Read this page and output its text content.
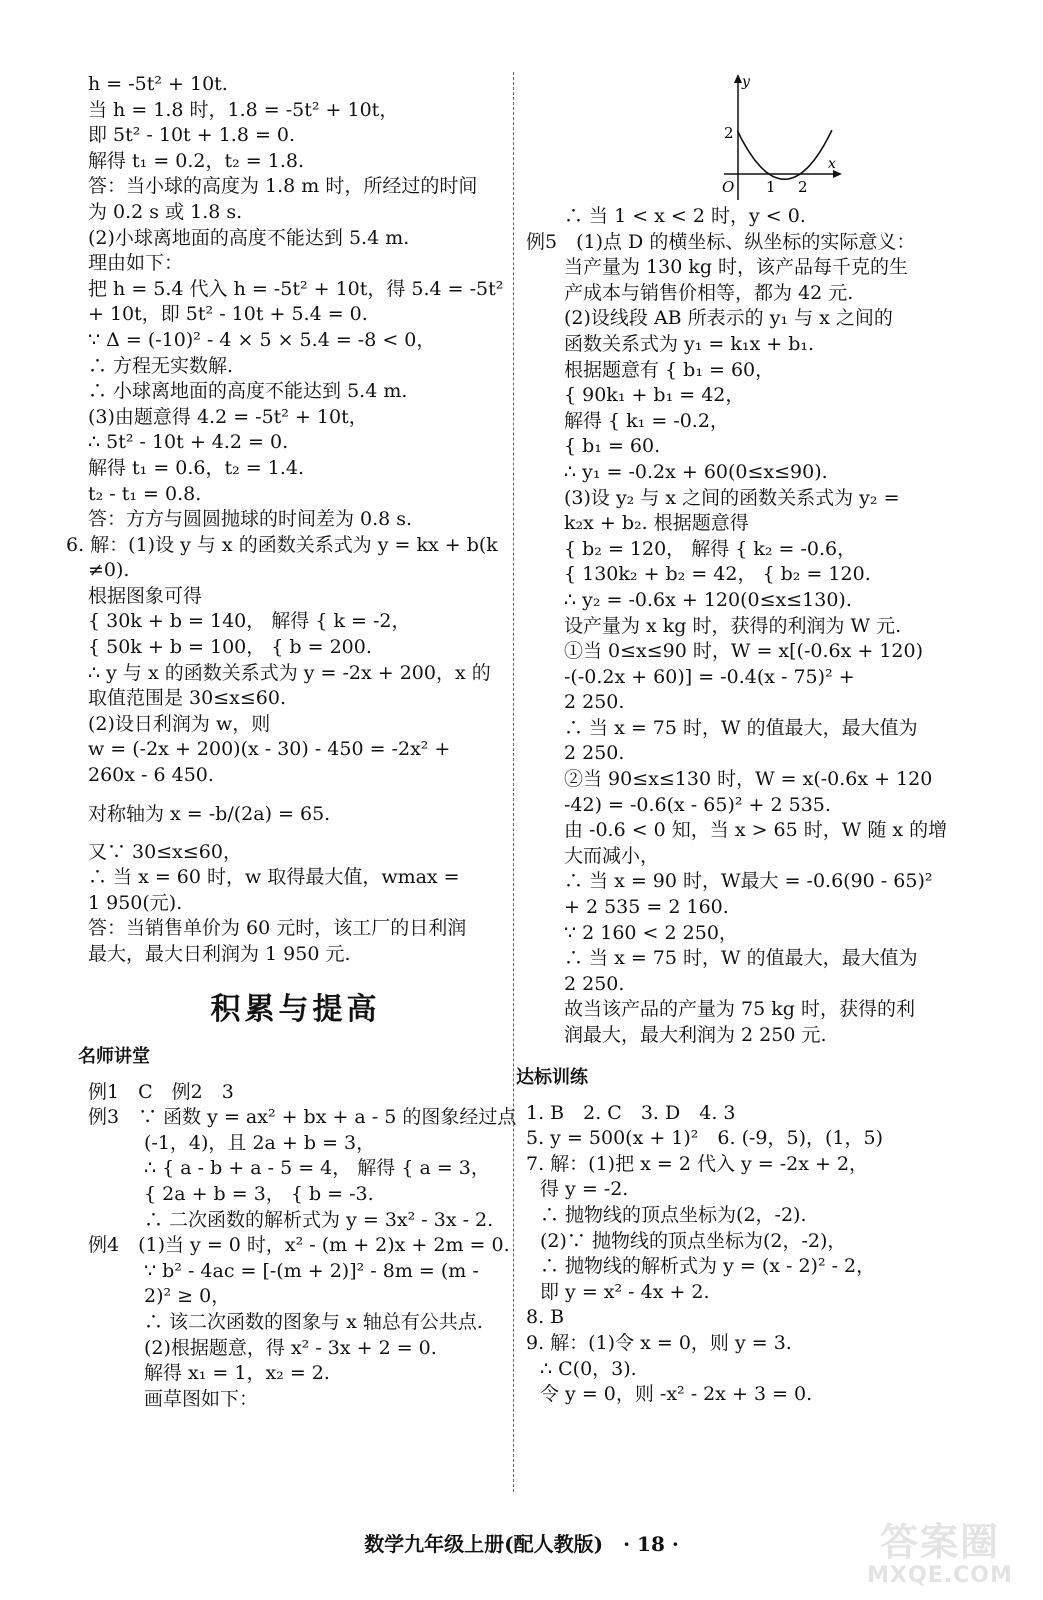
h = -5t² + 10t.
当 h = 1.8 时，1.8 = -5t² + 10t，
即 5t² - 10t + 1.8 = 0.
解得 t₁ = 0.2，t₂ = 1.8.
答：当小球的高度为 1.8 m 时，所经过的时间
为 0.2 s 或 1.8 s.
(2)小球离地面的高度不能达到 5.4 m.
理由如下：
把 h = 5.4 代入 h = -5t² + 10t，得 5.4 = -5t²
+ 10t，即 5t² - 10t + 5.4 = 0.
∵ Δ = (-10)² - 4 × 5 × 5.4 = -8 < 0，
∴ 方程无实数解.
∴ 小球离地面的高度不能达到 5.4 m.
(3)由题意得 4.2 = -5t² + 10t，
∴ 5t² - 10t + 4.2 = 0.
解得 t₁ = 0.6，t₂ = 1.4.
t₂ - t₁ = 0.8.
答：方方与圆圆抛球的时间差为 0.8 s.
6. 解：(1)设 y 与 x 的函数关系式为 y = kx + b(k
≠0).
根据图象可得
{ 30k + b = 140， 解得 { k = -2，
{ 50k + b = 100， { b = 200.
∴ y 与 x 的函数关系式为 y = -2x + 200，x 的
取值范围是 30≤x≤60.
(2)设日利润为 w，则
w = (-2x + 200)(x - 30) - 450 = -2x² +
260x - 6 450.
对称轴为 x = -b/(2a) = 65.
又∵ 30≤x≤60，
∴ 当 x = 60 时，w 取得最大值，wmax =
1 950(元).
答：当销售单价为 60 元时，该工厂的日利润
最大，最大日利润为 1 950 元.
积累与提高
名师讲堂
例1　C　例2　3
例3　∵ 函数 y = ax² + bx + a - 5 的图象经过点
(-1，4)，且 2a + b = 3，
∴ { a - b + a - 5 = 4， 解得 { a = 3，
{ 2a + b = 3， { b = -3.
∴ 二次函数的解析式为 y = 3x² - 3x - 2.
例4　(1)当 y = 0 时，x² - (m + 2)x + 2m = 0.
∵ b² - 4ac = [-(m + 2)]² - 8m = (m -
2)² ≥ 0，
∴ 该二次函数的图象与 x 轴总有公共点.
(2)根据题意，得 x² - 3x + 2 = 0.
解得 x₁ = 1，x₂ = 2.
画草图如下：
y
x
O 1 2
2
∴ 当 1 < x < 2 时，y < 0.
例5　(1)点 D 的横坐标、纵坐标的实际意义：
当产量为 130 kg 时，该产品每千克的生
产成本与销售价相等，都为 42 元.
(2)设线段 AB 所表示的 y₁ 与 x 之间的
函数关系式为 y₁ = k₁x + b₁.
根据题意有 { b₁ = 60，
{ 90k₁ + b₁ = 42，
解得 { k₁ = -0.2，
{ b₁ = 60.
∴ y₁ = -0.2x + 60(0≤x≤90).
(3)设 y₂ 与 x 之间的函数关系式为 y₂ =
k₂x + b₂. 根据题意得
{ b₂ = 120， 解得 { k₂ = -0.6，
{ 130k₂ + b₂ = 42， { b₂ = 120.
∴ y₂ = -0.6x + 120(0≤x≤130).
设产量为 x kg 时，获得的利润为 W 元.
①当 0≤x≤90 时，W = x[(-0.6x + 120)
-(-0.2x + 60)] = -0.4(x - 75)² +
2 250.
∴ 当 x = 75 时，W 的值最大，最大值为
2 250.
②当 90≤x≤130 时，W = x(-0.6x + 120
-42) = -0.6(x - 65)² + 2 535.
由 -0.6 < 0 知，当 x > 65 时，W 随 x 的增
大而减小，
∴ 当 x = 90 时，W最大 = -0.6(90 - 65)²
+ 2 535 = 2 160.
∵ 2 160 < 2 250，
∴ 当 x = 75 时，W 的值最大，最大值为
2 250.
故当该产品的产量为 75 kg 时，获得的利
润最大，最大利润为 2 250 元.
达标训练
1. B　2. C　3. D　4. 3
5. y = 500(x + 1)²　6. (-9，5)，(1，5)
7. 解：(1)把 x = 2 代入 y = -2x + 2，
得 y = -2.
∴ 抛物线的顶点坐标为(2，-2).
(2)∵ 抛物线的顶点坐标为(2，-2)，
∴ 抛物线的解析式为 y = (x - 2)² - 2，
即 y = x² - 4x + 2.
8. B
9. 解：(1)令 x = 0，则 y = 3.
∴ C(0，3).
令 y = 0，则 -x² - 2x + 3 = 0.
数学九年级上册(配人教版)　· 18 ·	答案圈
MXQE.COM
